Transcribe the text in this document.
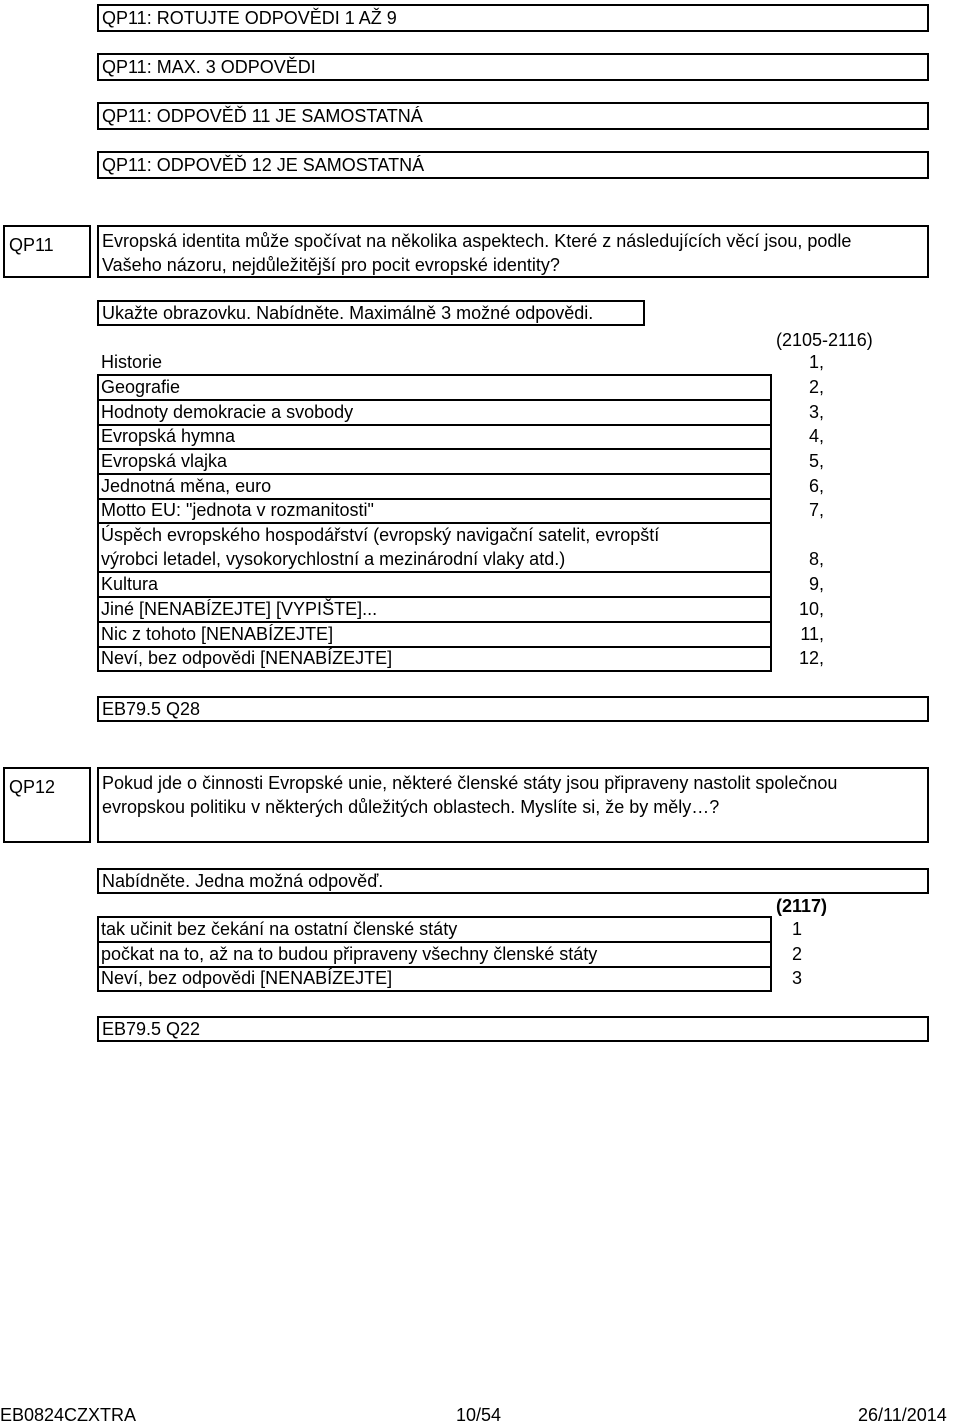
QP11: ROTUJTE ODPOVĚDI 1 AŽ 9
QP11: MAX. 3 ODPOVĚDI
QP11: ODPOVĚĎ 11 JE SAMOSTATNÁ
QP11: ODPOVĚĎ 12 JE SAMOSTATNÁ
QP11	Evropská identita může spočívat na několika aspektech. Které z následujících věcí jsou, podle
Vašeho názoru, nejdůležitější pro pocit evropské identity?
Ukažte obrazovku. Nabídněte. Maximálně 3 možné odpovědi.
(2105-2116)
Historie	1,
Geografie	2,
Hodnoty demokracie a svobody	3,
Evropská hymna	4,
Evropská vlajka	5,
Jednotná měna, euro	6,
Motto EU: "jednota v rozmanitosti"	7,
Úspěch evropského hospodářství (evropský navigační satelit, evropští
výrobci letadel, vysokorychlostní a mezinárodní vlaky atd.)	8,
Kultura	9,
Jiné [NENABÍZEJTE] [VYPIŠTE]...	10,
Nic z tohoto [NENABÍZEJTE]	11,
Neví, bez odpovědi [NENABÍZEJTE]	12,
EB79.5 Q28
QP12	Pokud jde o činnosti Evropské unie, některé členské státy jsou připraveny nastolit společnou
evropskou politiku v některých důležitých oblastech. Myslíte si, že by měly…?
Nabídněte. Jedna možná odpověď.
(2117)
tak učinit bez čekání na ostatní členské státy	1
počkat na to, až na to budou připraveny všechny členské státy	2
Neví, bez odpovědi [NENABÍZEJTE]	3
EB79.5 Q22
EB0824CZXTRA	10/54	26/11/2014
